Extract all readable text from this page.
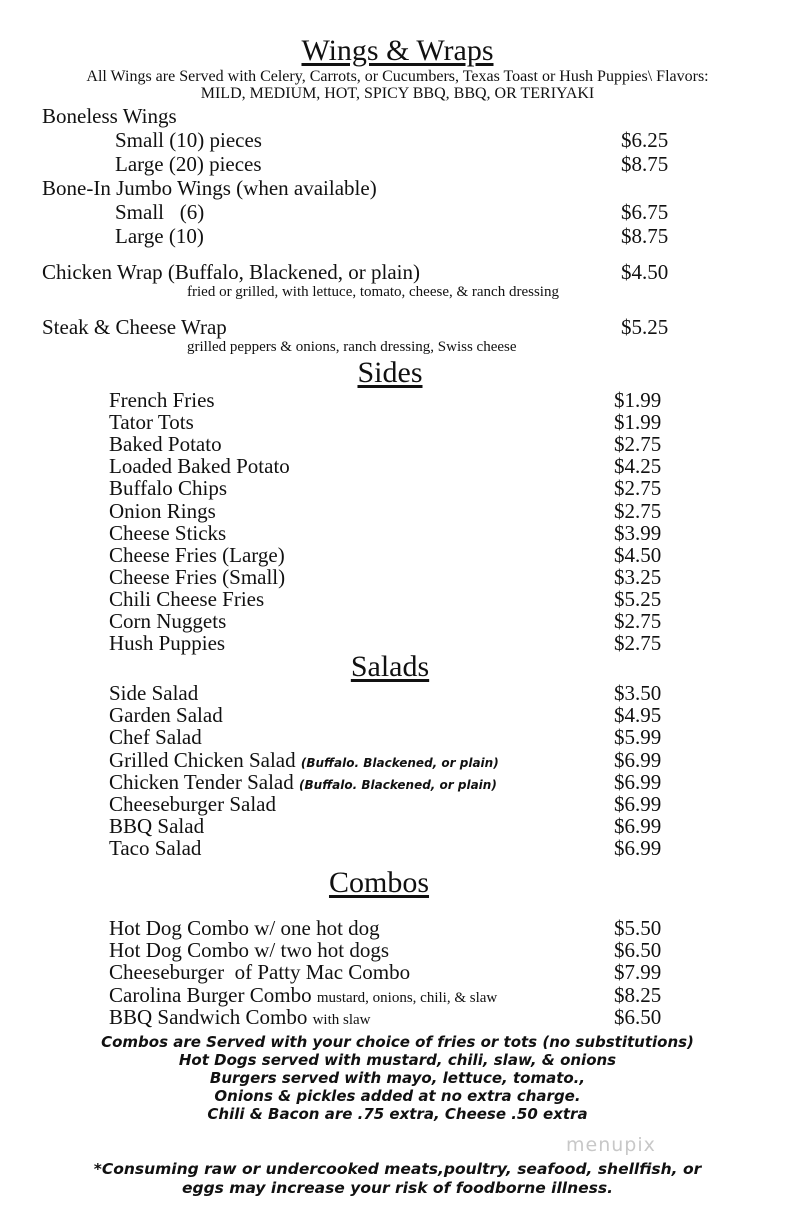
Wings & Wraps
All Wings are Served with Celery, Carrots, or Cucumbers, Texas Toast or Hush Puppies\ Flavors:
MILD, MEDIUM, HOT, SPICY BBQ, BBQ, OR TERIYAKI
Boneless Wings
Small (10) pieces	$6.25
Large (20) pieces	$8.75
Bone-In Jumbo Wings (when available)
Small   (6)	$6.75
Large (10)	$8.75
Chicken Wrap (Buffalo, Blackened, or plain)	$4.50
fried or grilled, with lettuce, tomato, cheese, & ranch dressing
Steak & Cheese Wrap	$5.25
grilled peppers & onions, ranch dressing, Swiss cheese
Sides
French Fries	$1.99
Tator Tots	$1.99
Baked Potato	$2.75
Loaded Baked Potato	$4.25
Buffalo Chips	$2.75
Onion Rings	$2.75
Cheese Sticks	$3.99
Cheese Fries (Large)	$4.50
Cheese Fries (Small)	$3.25
Chili Cheese Fries	$5.25
Corn Nuggets	$2.75
Hush Puppies	$2.75
Salads
Side Salad	$3.50
Garden Salad	$4.95
Chef Salad	$5.99
Grilled Chicken Salad (Buffalo. Blackened, or plain)	$6.99
Chicken Tender Salad (Buffalo. Blackened, or plain)	$6.99
Cheeseburger Salad	$6.99
BBQ Salad	$6.99
Taco Salad	$6.99
Combos
Hot Dog Combo w/ one hot dog	$5.50
Hot Dog Combo w/ two hot dogs	$6.50
Cheeseburger  of Patty Mac Combo	$7.99
Carolina Burger Combo mustard, onions, chili, & slaw	$8.25
BBQ Sandwich Combo with slaw	$6.50
Combos are Served with your choice of fries or tots (no substitutions)
Hot Dogs served with mustard, chili, slaw, & onions
Burgers served with mayo, lettuce, tomato.,
Onions & pickles added at no extra charge.
Chili & Bacon are .75 extra, Cheese .50 extra
menupix
*Consuming raw or undercooked meats,poultry, seafood, shellfish, or
eggs may increase your risk of foodborne illness.
